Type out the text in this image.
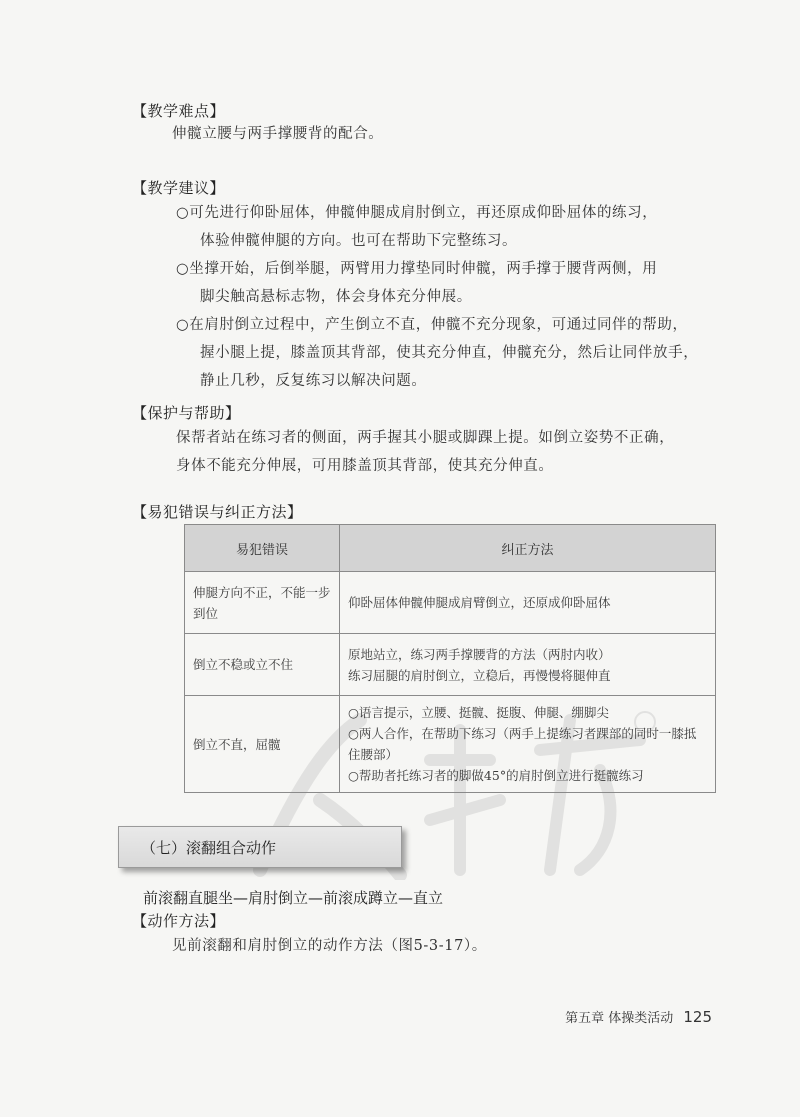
【教学难点】
伸髋立腰与两手撑腰背的配合。
【教学建议】
○可先进行仰卧屈体，伸髋伸腿成肩肘倒立，再还原成仰卧屈体的练习，
体验伸髋伸腿的方向。也可在帮助下完整练习。
○坐撑开始，后倒举腿，两臂用力撑垫同时伸髋，两手撑于腰背两侧，用
脚尖触高悬标志物，体会身体充分伸展。
○在肩肘倒立过程中，产生倒立不直，伸髋不充分现象，可通过同伴的帮助，
握小腿上提，膝盖顶其背部，使其充分伸直，伸髋充分，然后让同伴放手，
静止几秒，反复练习以解决问题。
【保护与帮助】
保帮者站在练习者的侧面，两手握其小腿或脚踝上提。如倒立姿势不正确，
身体不能充分伸展，可用膝盖顶其背部，使其充分伸直。
【易犯错误与纠正方法】
易犯错误	纠正方法
伸腿方向不正，不能一步到位	仰卧屈体伸髋伸腿成肩臂倒立，还原成仰卧屈体

倒立不稳或立不住	原地站立，练习两手撑腰背的方法（两肘内收）
练习屈腿的肩肘倒立，立稳后，再慢慢将腿伸直

倒立不直，屈髋	○语言提示，立腰、挺髋、挺腹、伸腿、绷脚尖
○两人合作，在帮助下练习（两手上提练习者踝部的同时一膝抵住腰部）
○帮助者托练习者的脚做45°的肩肘倒立进行挺髋练习
（七）滚翻组合动作
前滚翻直腿坐—肩肘倒立—前滚成蹲立—直立
【动作方法】
见前滚翻和肩肘倒立的动作方法（图5-3-17）。
第五章 体操类活动 125
